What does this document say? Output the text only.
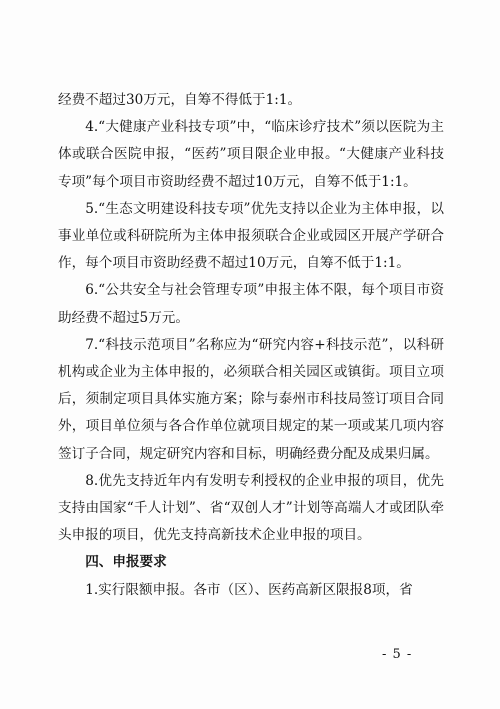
经费不超过30万元，自筹不得低于1:1。

4.“大健康产业科技专项”中，“临床诊疗技术”须以医院为主体或联合医院申报，“医药”项目限企业申报。“大健康产业科技专项”每个项目市资助经费不超过10万元，自筹不低于1:1。

5.“生态文明建设科技专项”优先支持以企业为主体申报，以事业单位或科研院所为主体申报须联合企业或园区开展产学研合作，每个项目市资助经费不超过10万元，自筹不低于1:1。

6.“公共安全与社会管理专项”申报主体不限，每个项目市资助经费不超过5万元。

7.“科技示范项目”名称应为“研究内容+科技示范”，以科研机构或企业为主体申报的，必须联合相关园区或镇街。项目立项后，须制定项目具体实施方案；除与泰州市科技局签订项目合同外，项目单位须与各合作单位就项目规定的某一项或某几项内容签订子合同，规定研究内容和目标，明确经费分配及成果归属。

8.优先支持近年内有发明专利授权的企业申报的项目，优先支持由国家“千人计划”、省“双创人才”计划等高端人才或团队牵头申报的项目，优先支持高新技术企业申报的项目。

四、申报要求

1.实行限额申报。各市（区）、医药高新区限报8项，省

- 5 -
